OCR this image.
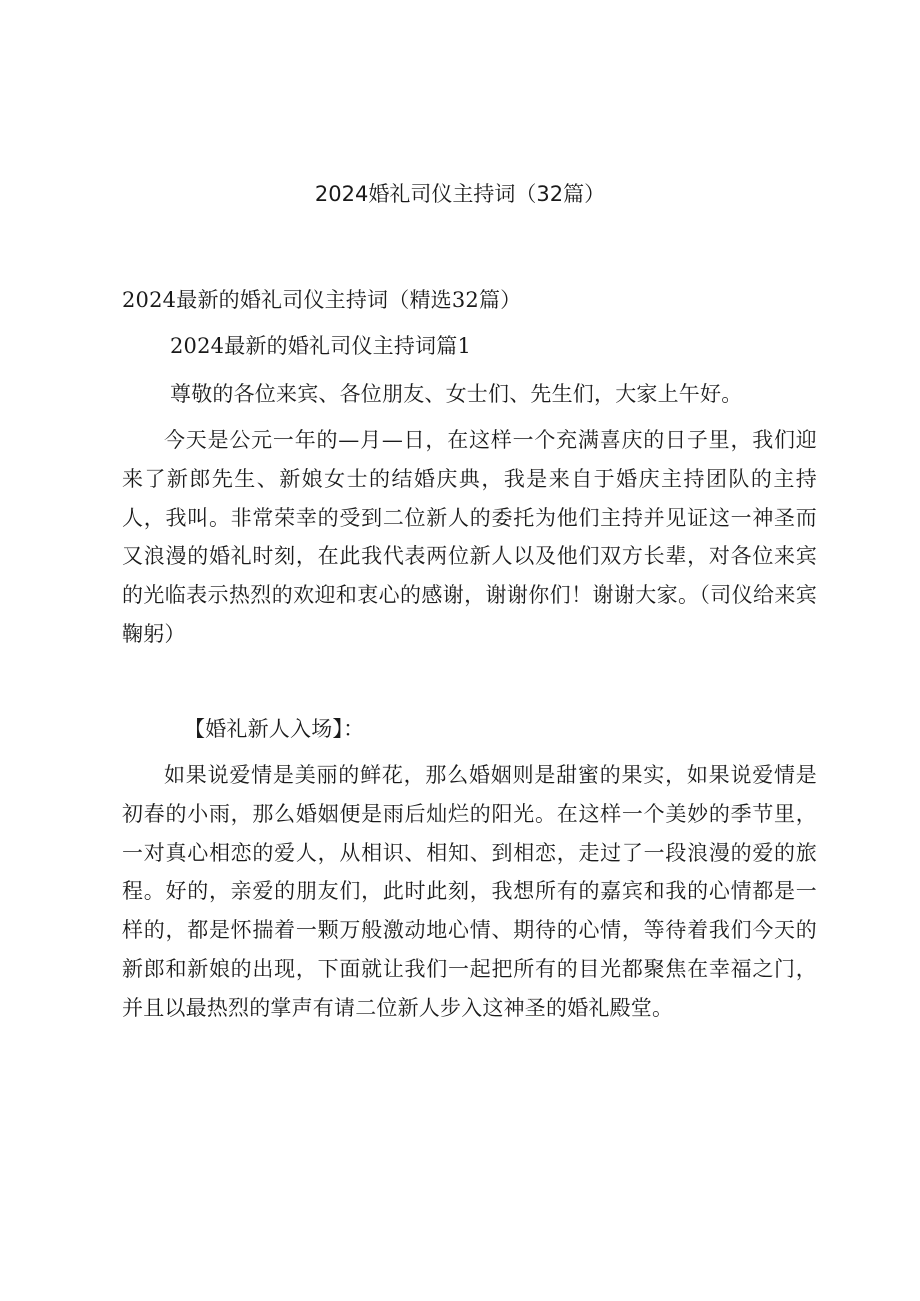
2024婚礼司仪主持词（32篇）
2024最新的婚礼司仪主持词（精选32篇）
2024最新的婚礼司仪主持词篇1
尊敬的各位来宾、各位朋友、女士们、先生们，大家上午好。

今天是公元一年的—月—日，在这样一个充满喜庆的日子里，我们迎来了新郎先生、新娘女士的结婚庆典，我是来自于婚庆主持团队的主持人，我叫。非常荣幸的受到二位新人的委托为他们主持并见证这一神圣而又浪漫的婚礼时刻，在此我代表两位新人以及他们双方长辈，对各位来宾的光临表示热烈的欢迎和衷心的感谢，谢谢你们！谢谢大家。（司仪给来宾鞠躬）

【婚礼新人入场】：

如果说爱情是美丽的鲜花，那么婚姻则是甜蜜的果实，如果说爱情是初春的小雨，那么婚姻便是雨后灿烂的阳光。在这样一个美妙的季节里，一对真心相恋的爱人，从相识、相知、到相恋，走过了一段浪漫的爱的旅程。好的，亲爱的朋友们，此时此刻，我想所有的嘉宾和我的心情都是一样的，都是怀揣着一颗万般激动地心情、期待的心情，等待着我们今天的新郎和新娘的出现，下面就让我们一起把所有的目光都聚焦在幸福之门，并且以最热烈的掌声有请二位新人步入这神圣的婚礼殿堂。
